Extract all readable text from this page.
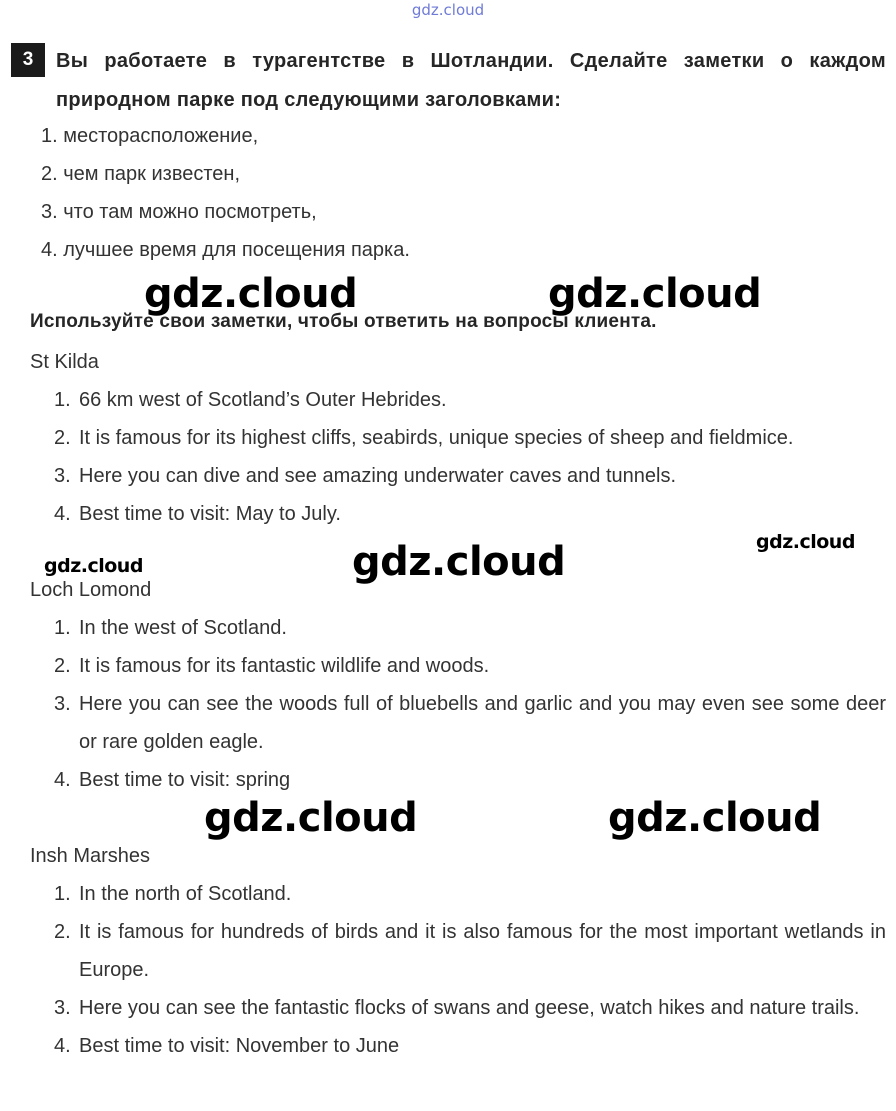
gdz.cloud
3	Вы работаете в турагентстве в Шотландии. Сделайте заметки о каждом природном парке под следующими заголовками:
1. месторасположение,
2. чем парк известен,
3. что там можно посмотреть,
4. лучшее время для посещения парка.
gdz.cloud	gdz.cloud
Используйте свои заметки, чтобы ответить на вопросы клиента.
St Kilda
1. 66 km west of Scotland’s Outer Hebrides.
2. It is famous for its highest cliffs, seabirds, unique species of sheep and fieldmice.
3. Here you can dive and see amazing underwater caves and tunnels.
4. Best time to visit: May to July.
gdz.cloud	gdz.cloud	gdz.cloud
Loch Lomond
1. In the west of Scotland.
2. It is famous for its fantastic wildlife and woods.
3. Here you can see the woods full of bluebells and garlic and you may even see some deer or rare golden eagle.
4. Best time to visit: spring
gdz.cloud	gdz.cloud
Insh Marshes
1. In the north of Scotland.
2. It is famous for hundreds of birds and it is also famous for the most important wetlands in Europe.
3. Here you can see the fantastic flocks of swans and geese, watch hikes and nature trails.
4. Best time to visit: November to June
